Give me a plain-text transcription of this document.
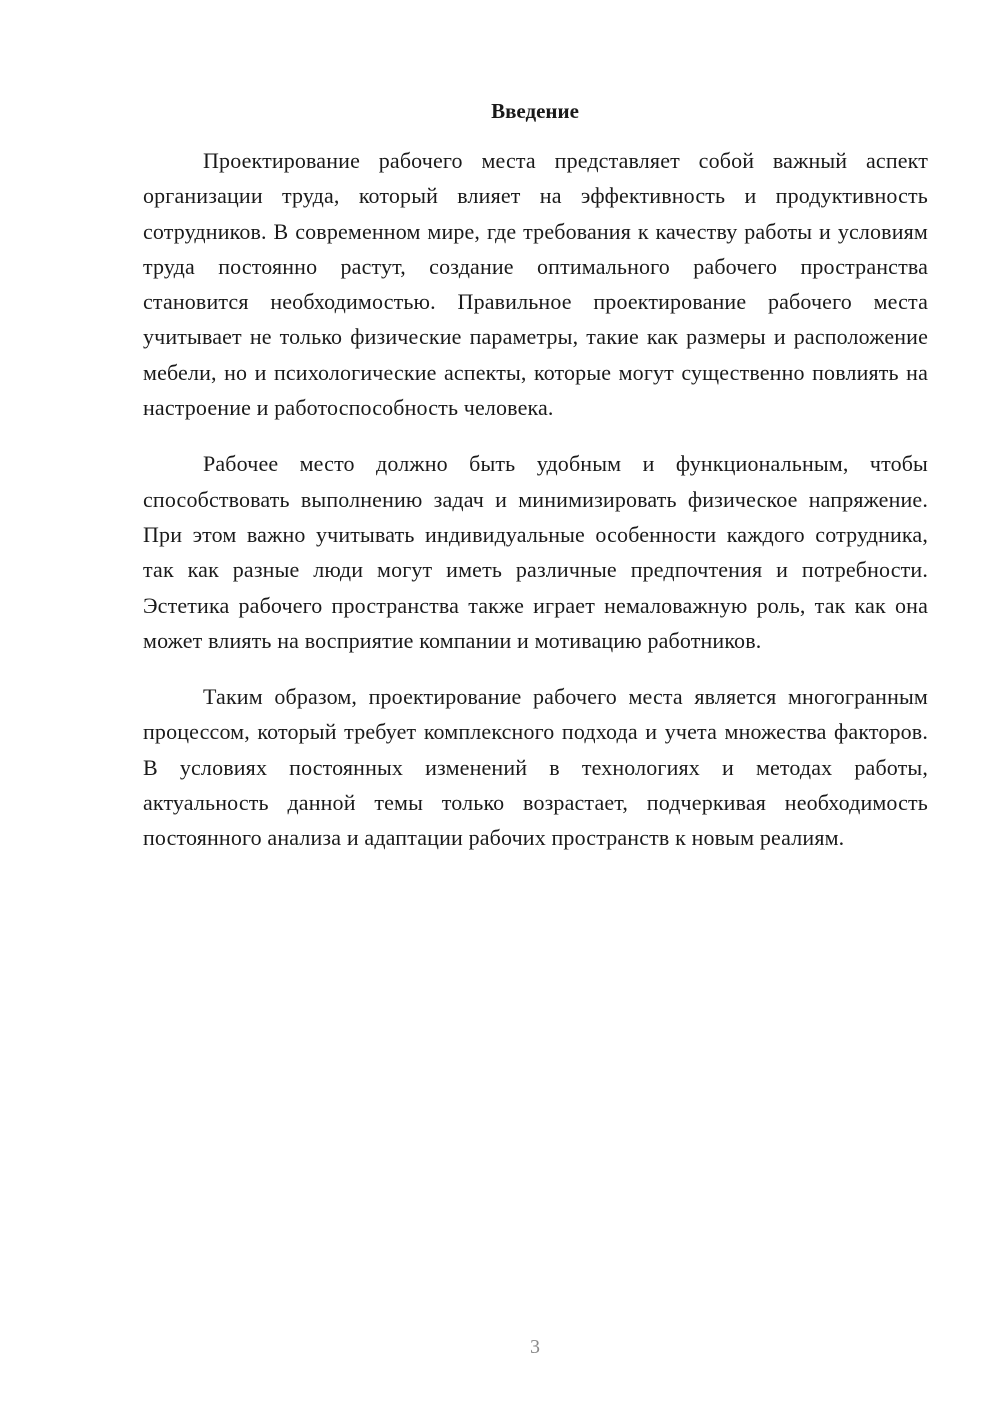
Введение

Проектирование рабочего места представляет собой важный аспект организации труда, который влияет на эффективность и продуктивность сотрудников. В современном мире, где требования к качеству работы и условиям труда постоянно растут, создание оптимального рабочего пространства становится необходимостью. Правильное проектирование рабочего места учитывает не только физические параметры, такие как размеры и расположение мебели, но и психологические аспекты, которые могут существенно повлиять на настроение и работоспособность человека.

Рабочее место должно быть удобным и функциональным, чтобы способствовать выполнению задач и минимизировать физическое напряжение. При этом важно учитывать индивидуальные особенности каждого сотрудника, так как разные люди могут иметь различные предпочтения и потребности. Эстетика рабочего пространства также играет немаловажную роль, так как она может влиять на восприятие компании и мотивацию работников.

Таким образом, проектирование рабочего места является многогранным процессом, который требует комплексного подхода и учета множества факторов. В условиях постоянных изменений в технологиях и методах работы, актуальность данной темы только возрастает, подчеркивая необходимость постоянного анализа и адаптации рабочих пространств к новым реалиям.

3
